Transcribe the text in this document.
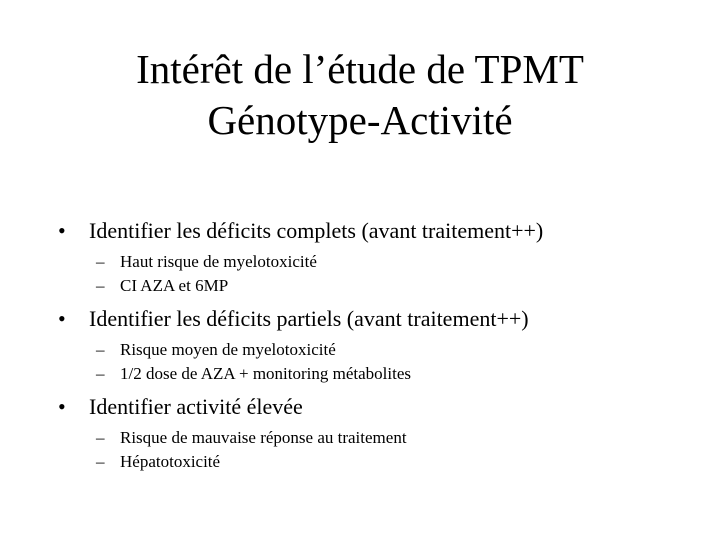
Intérêt de l’étude de TPMT
Génotype-Activité
• Identifier les déficits complets (avant traitement++)
– Haut risque de myelotoxicité
– CI AZA et 6MP
• Identifier les déficits partiels (avant traitement++)
– Risque moyen de myelotoxicité
– 1/2 dose de AZA + monitoring métabolites
• Identifier activité élevée
– Risque de mauvaise réponse au traitement
– Hépatotoxicité
